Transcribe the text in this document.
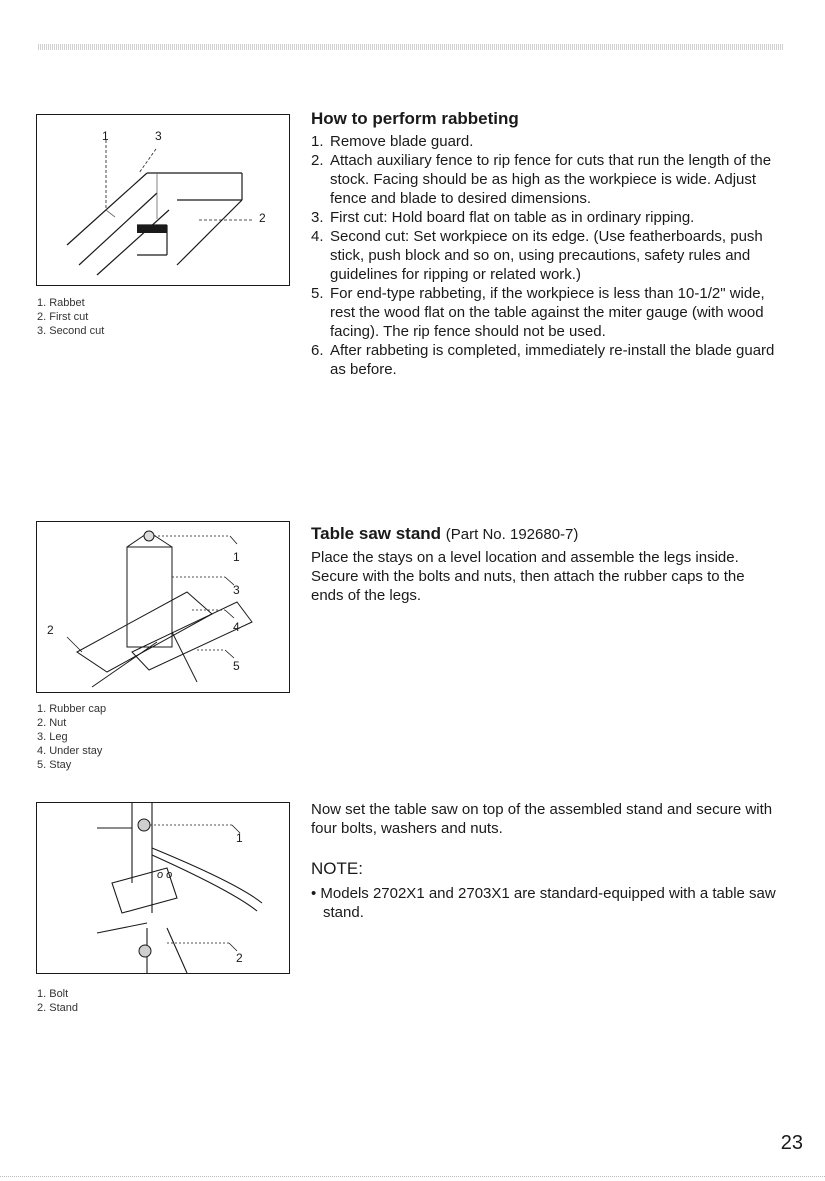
1	3
2
1. Rabbet
2. First cut
3. Second cut
1
3
2	4
5
1. Rubber cap
2. Nut
3. Leg
4. Under stay
5. Stay
o o
1
2
1. Bolt
2. Stand
How to perform rabbeting
1. Remove blade guard.
2. Attach auxiliary fence to rip fence for cuts that run the length of the stock. Facing should be as high as the workpiece is wide. Adjust fence and blade to desired dimensions.
3. First cut: Hold board flat on table as in ordinary ripping.
4. Second cut: Set workpiece on its edge. (Use featherboards, push stick, push block and so on, using precautions, safety rules and guidelines for ripping or related work.)
5. For end-type rabbeting, if the workpiece is less than 10-1/2" wide, rest the wood flat on the table against the miter gauge (with wood facing). The rip fence should not be used.
6. After rabbeting is completed, immediately re-install the blade guard as before.
Table saw stand (Part No. 192680-7)

Place the stays on a level location and assemble the legs inside. Secure with the bolts and nuts, then attach the rubber caps to the ends of the legs.

Now set the table saw on top of the assembled stand and secure with four bolts, washers and nuts.

NOTE:

• Models 2702X1 and 2703X1 are standard-equipped with a table saw stand.

23
